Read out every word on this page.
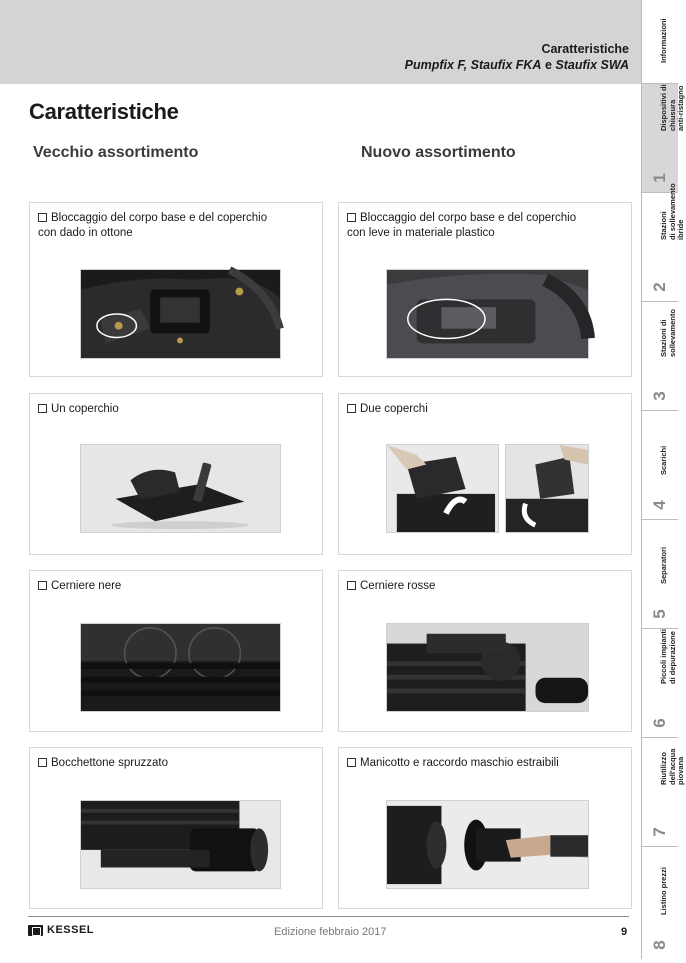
Caratteristiche
Pumpfix F, Staufix FKA e Staufix SWA
Caratteristiche
Vecchio assortimento	Nuovo assortimento
Bloccaggio del corpo base e del coperchio
con dado in ottone
Bloccaggio del corpo base e del coperchio
con leve in materiale plastico
Un coperchio	Due coperchi
Cerniere nere	Cerniere rosse
Bocchettone spruzzato	Manicotto e raccordo maschio estraibili
KESSEL	Edizione febbraio 2017	9
Informazioni
Dispositivi di
chiusura
anti-ristagno
1
Stazioni
di sollevamento
ibride
2
Stazioni di
sollevamento
3
Scarichi
4
Separatori
5
Piccoli impianti
di depurazione
6
Riutilizzo
dell'acqua
piovana
7
Listino prezzi
8
